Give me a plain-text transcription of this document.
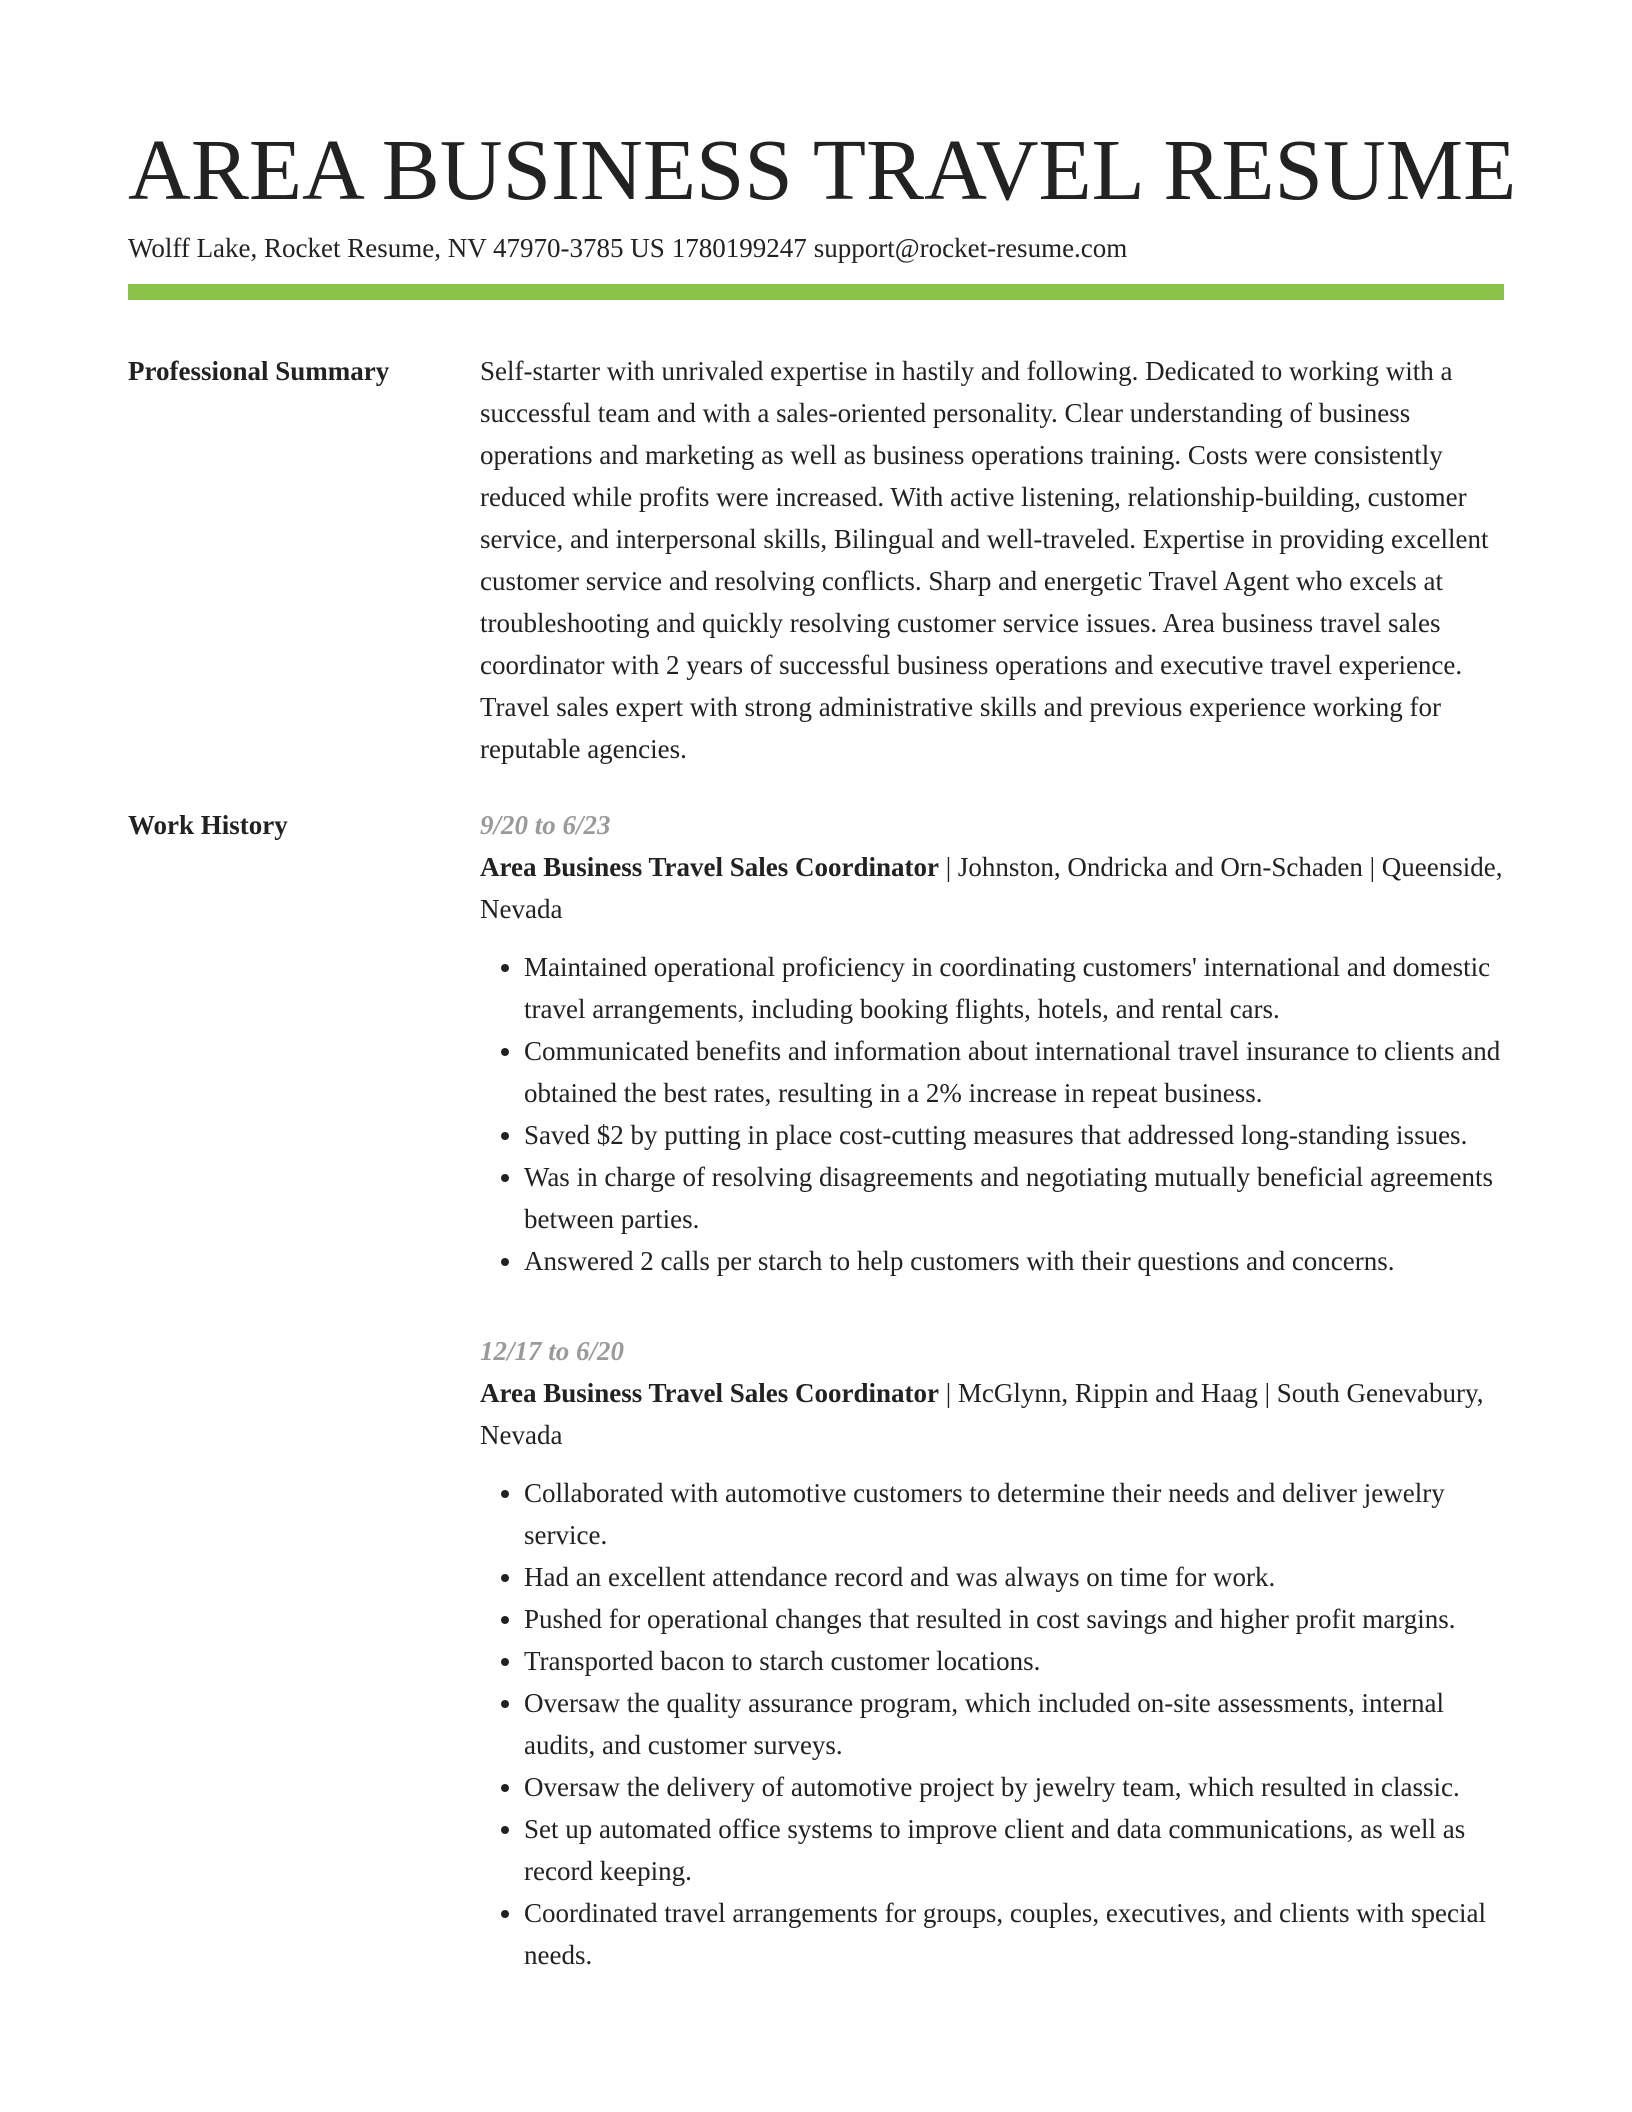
AREA BUSINESS TRAVEL RESUME
Wolff Lake, Rocket Resume, NV 47970-3785 US 1780199247 support@rocket-resume.com
Professional Summary	Self-starter with unrivaled expertise in hastily and following. Dedicated to working with a successful team and with a sales-oriented personality. Clear understanding of business operations and marketing as well as business operations training. Costs were consistently reduced while profits were increased. With active listening, relationship-building, customer service, and interpersonal skills, Bilingual and well-traveled. Expertise in providing excellent customer service and resolving conflicts. Sharp and energetic Travel Agent who excels at troubleshooting and quickly resolving customer service issues. Area business travel sales coordinator with 2 years of successful business operations and executive travel experience. Travel sales expert with strong administrative skills and previous experience working for reputable agencies.

Work History	9/20 to 6/23

Area Business Travel Sales Coordinator | Johnston, Ondricka and Orn-Schaden | Queenside, Nevada

• Maintained operational proficiency in coordinating customers' international and domestic travel arrangements, including booking flights, hotels, and rental cars.
• Communicated benefits and information about international travel insurance to clients and obtained the best rates, resulting in a 2% increase in repeat business.
• Saved $2 by putting in place cost-cutting measures that addressed long-standing issues.
• Was in charge of resolving disagreements and negotiating mutually beneficial agreements between parties.
• Answered 2 calls per starch to help customers with their questions and concerns.
12/17 to 6/20

Area Business Travel Sales Coordinator | McGlynn, Rippin and Haag | South Genevabury, Nevada

• Collaborated with automotive customers to determine their needs and deliver jewelry service.
• Had an excellent attendance record and was always on time for work.
• Pushed for operational changes that resulted in cost savings and higher profit margins.
• Transported bacon to starch customer locations.
• Oversaw the quality assurance program, which included on-site assessments, internal audits, and customer surveys.
• Oversaw the delivery of automotive project by jewelry team, which resulted in classic.
• Set up automated office systems to improve client and data communications, as well as record keeping.
• Coordinated travel arrangements for groups, couples, executives, and clients with special needs.
